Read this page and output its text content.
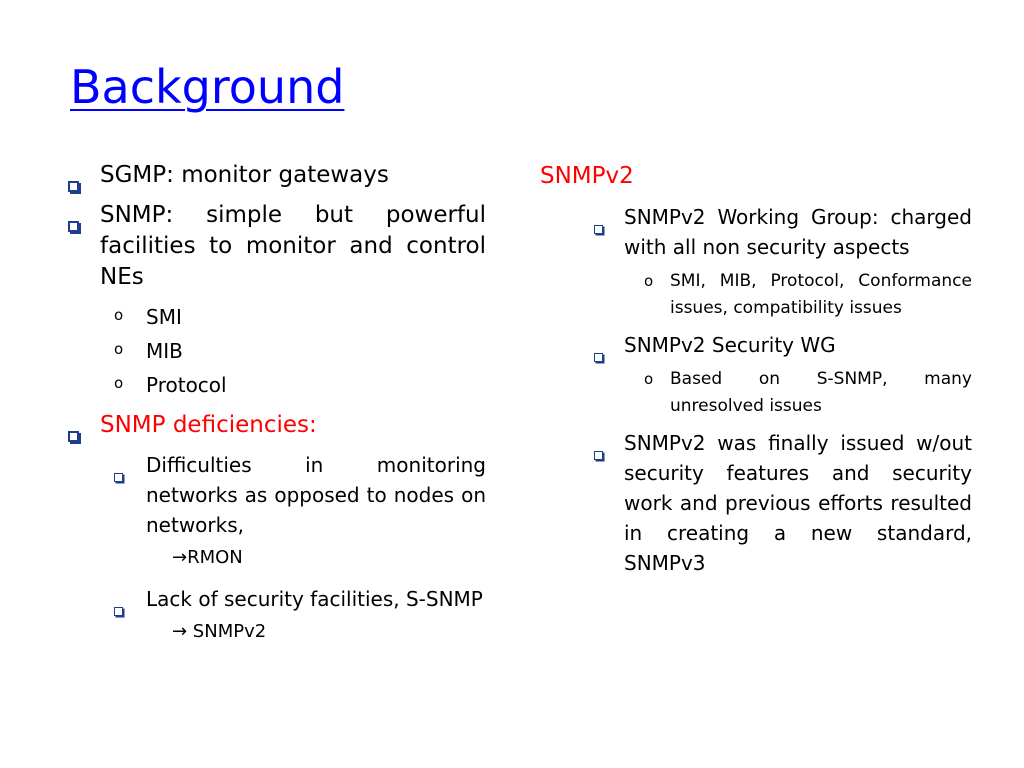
Background
SGMP: monitor gateways
SNMP: simple but powerful facilities to monitor and control NEs
o SMI
o MIB
o Protocol
SNMP deficiencies:
Difficulties in monitoring networks as opposed to nodes on networks,
→RMON
Lack of security facilities, S-SNMP
→ SNMPv2
SNMPv2
SNMPv2 Working Group: charged with all non security aspects
o SMI, MIB, Protocol, Conformance issues, compatibility issues
SNMPv2 Security WG
o Based on S-SNMP, many unresolved issues
SNMPv2 was finally issued w/out security features and security work and previous efforts resulted in creating a new standard, SNMPv3
